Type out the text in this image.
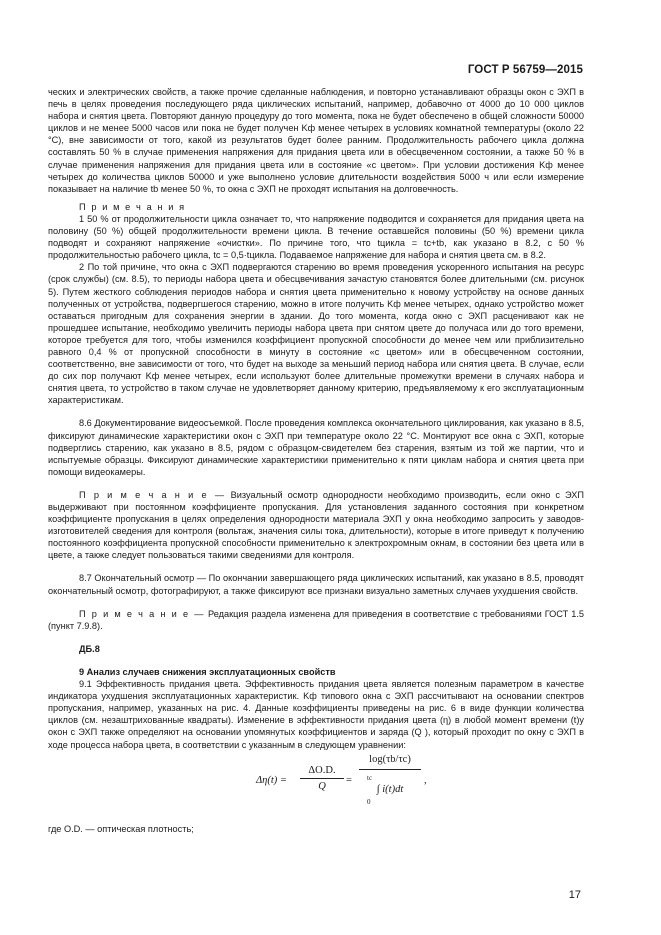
ГОСТ Р 56759—2015

ческих и электрических свойств, а также прочие сделанные наблюдения, и повторно устанавливают образцы окон с ЭХП в печь в целях проведения последующего ряда циклических испытаний, например, добавочно от 4000 до 10 000 циклов набора и снятия цвета. Повторяют данную процедуру до того момента, пока не будет обеспечено в общей сложности 50000 циклов и не менее 5000 часов или пока не будет получен Kф менее четырех в условиях комнатной температуры (около 22 °С), вне зависимости от того, какой из результатов будет более ранним. Продолжительность рабочего цикла должна составлять 50 % в случае применения напряжения для придания цвета или в обесцвеченном состоянии, а также 50 % в случае применения напряжения для придания цвета или в состояние «с цветом». При условии достижения Kф менее четырех до количества циклов 50000 и уже выполнено условие длительности воздействия 5000 ч или если измерение показывает на наличие tb менее 50 %, то окна с ЭХП не проходят испытания на долговечность.

П р и м е ч а н и я

1 50 % от продолжительности цикла означает то, что напряжение подводится и сохраняется для придания цвета на половину (50 %) общей продолжительности времени цикла. В течение оставшейся половины (50 %) времени цикла подводят и сохраняют напряжение «очистки». По причине того, что tцикла = tc+tb, как указано в 8.2, с 50 % продолжительностью рабочего цикла, tc = 0,5·tцикла. Подаваемое напряжение для набора и снятия цвета см. в 8.2.

2 По той причине, что окна с ЭХП подвергаются старению во время проведения ускоренного испытания на ресурс (срок службы) (см. 8.5), то периоды набора цвета и обесцвечивания зачастую становятся более длительными (см. рисунок 5). Путем жесткого соблюдения периодов набора и снятия цвета применительно к новому устройству на основе данных полученных от устройства, подвергшегося старению, можно в итоге получить Kф менее четырех, однако устройство может оставаться пригодным для сохранения энергии в здании. До того момента, когда окно с ЭХП расценивают как не прошедшее испытание, необходимо увеличить периоды набора цвета при снятом цвете до получаса или до того времени, которое требуется для того, чтобы изменился коэффициент пропускной способности до менее чем или приблизительно равного 0,4 % от пропускной способности в минуту в состояние «с цветом» или в обесцвеченном состоянии, соответственно, вне зависимости от того, что будет на выходе за меньший период набора или снятия цвета. В случае, если до сих пор получают Kф менее четырех, если используют более длительные промежутки времени в случаях набора и снятия цвета, то устройство в таком случае не удовлетворяет данному критерию, предъявляемому к его эксплуатационным характеристикам.

8.6 Документирование видеосъемкой. После проведения комплекса окончательного циклирования, как указано в 8.5, фиксируют динамические характеристики окон с ЭХП при температуре около 22 °С. Монтируют все окна с ЭХП, которые подверглись старению, как указано в 8.5, рядом с образцом-свидетелем без старения, взятым из той же партии, что и испытуемые образцы. Фиксируют динамические характеристики применительно к пяти циклам набора и снятия цвета при помощи видеокамеры.

П р и м е ч а н и е — Визуальный осмотр однородности необходимо производить, если окно с ЭХП выдерживают при постоянном коэффициенте пропускания. Для установления заданного состояния при конкретном коэффициенте пропускания в целях определения однородности материала ЭХП у окна необходимо запросить у заводов-изготовителей сведения для контроля (вольтаж, значения силы тока, длительности), которые в итоге приведут к получению постоянного коэффициента пропускной способности применительно к электрохромным окнам, в состоянии без цвета или в цвете, а также следует пользоваться такими сведениями для контроля.

8.7 Окончательный осмотр — По окончании завершающего ряда циклических испытаний, как указано в 8.5, проводят окончательный осмотр, фотографируют, а также фиксируют все признаки визуально заметных случаев ухудшения свойств.

П р и м е ч а н и е — Редакция раздела изменена для приведения в соответствие с требованиями ГОСТ 1.5 (пункт 7.9.8).

ДБ.8

9 Анализ случаев снижения эксплуатационных свойств

9.1 Эффективность придания цвета. Эффективность придания цвета является полезным параметром в качестве индикатора ухудшения эксплуатационных характеристик. Kф типового окна с ЭХП рассчитывают на основании спектров пропускания, например, указанных на рис. 4. Данные коэффициенты приведены на рис. 6 в виде функции количества циклов (см. незаштрихованные квадраты). Изменение в эффективности придания цвета (η) в любой момент времени (t)у окон с ЭХП также определяют на основании упомянутых коэффициентов и заряда (Q ), который проходит по окну с ЭХП в ходе процесса набора цвета, в соответствии с указанным в следующем уравнении:

Δη(t) =
ΔO.D.
Q
=
log(τb/τc)
tc
∫ i(t)dt
0
,

где O.D. — оптическая плотность;

17
